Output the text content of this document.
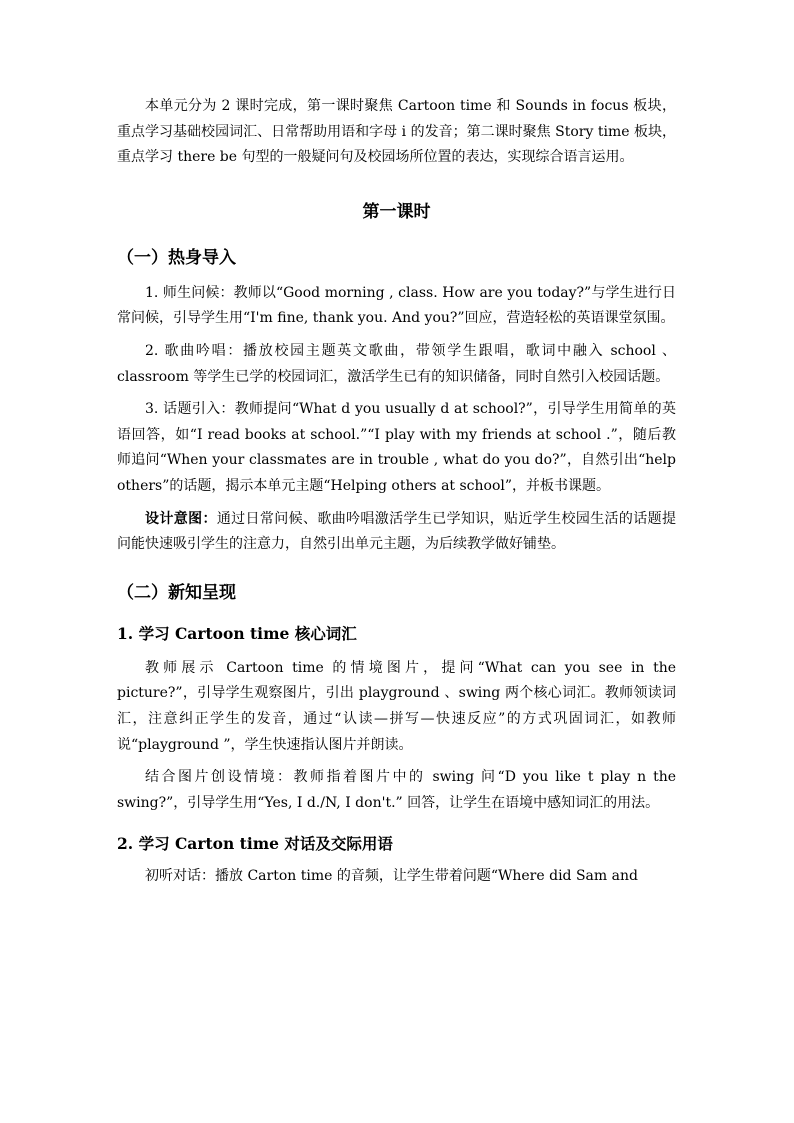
本单元分为 2 课时完成，第一课时聚焦 Cartoon time 和 Sounds in focus 板块，重点学习基础校园词汇、日常帮助用语和字母 i 的发音；第二课时聚焦 Story time 板块，重点学习 there be 句型的一般疑问句及校园场所位置的表达，实现综合语言运用。

第一课时
（一）热身导入

1. 师生问候：教师以“Good morning , class. How are you today?”与学生进行日常问候，引导学生用“I'm fine, thank you. And you?”回应，营造轻松的英语课堂氛围。

2. 歌曲吟唱：播放校园主题英文歌曲，带领学生跟唱，歌词中融入 school 、classroom 等学生已学的校园词汇，激活学生已有的知识储备，同时自然引入校园话题。

3. 话题引入：教师提问“What d you usually d at school?”，引导学生用简单的英语回答，如“I read books at school.”“I play with my friends at school .”，随后教师追问“When your classmates are in trouble , what do you do?”，自然引出“help others”的话题，揭示本单元主题“Helping others at school”，并板书课题。

设计意图：通过日常问候、歌曲吟唱激活学生已学知识，贴近学生校园生活的话题提问能快速吸引学生的注意力，自然引出单元主题，为后续教学做好铺垫。

（二）新知呈现
1. 学习 Cartoon time 核心词汇

教师展示 Cartoon time 的情境图片，提问“What can you see in the picture?”，引导学生观察图片，引出 playground 、swing 两个核心词汇。教师领读词汇，注意纠正学生的发音，通过“认读—拼写—快速反应”的方式巩固词汇，如教师说“playground ”，学生快速指认图片并朗读。

结合图片创设情境：教师指着图片中的 swing 问“D you like t play n the swing?”，引导学生用“Yes, I d./N, I don't.” 回答，让学生在语境中感知词汇的用法。

2. 学习 Carton time 对话及交际用语

初听对话：播放 Carton time 的音频，让学生带着问题“Where did Sam and
